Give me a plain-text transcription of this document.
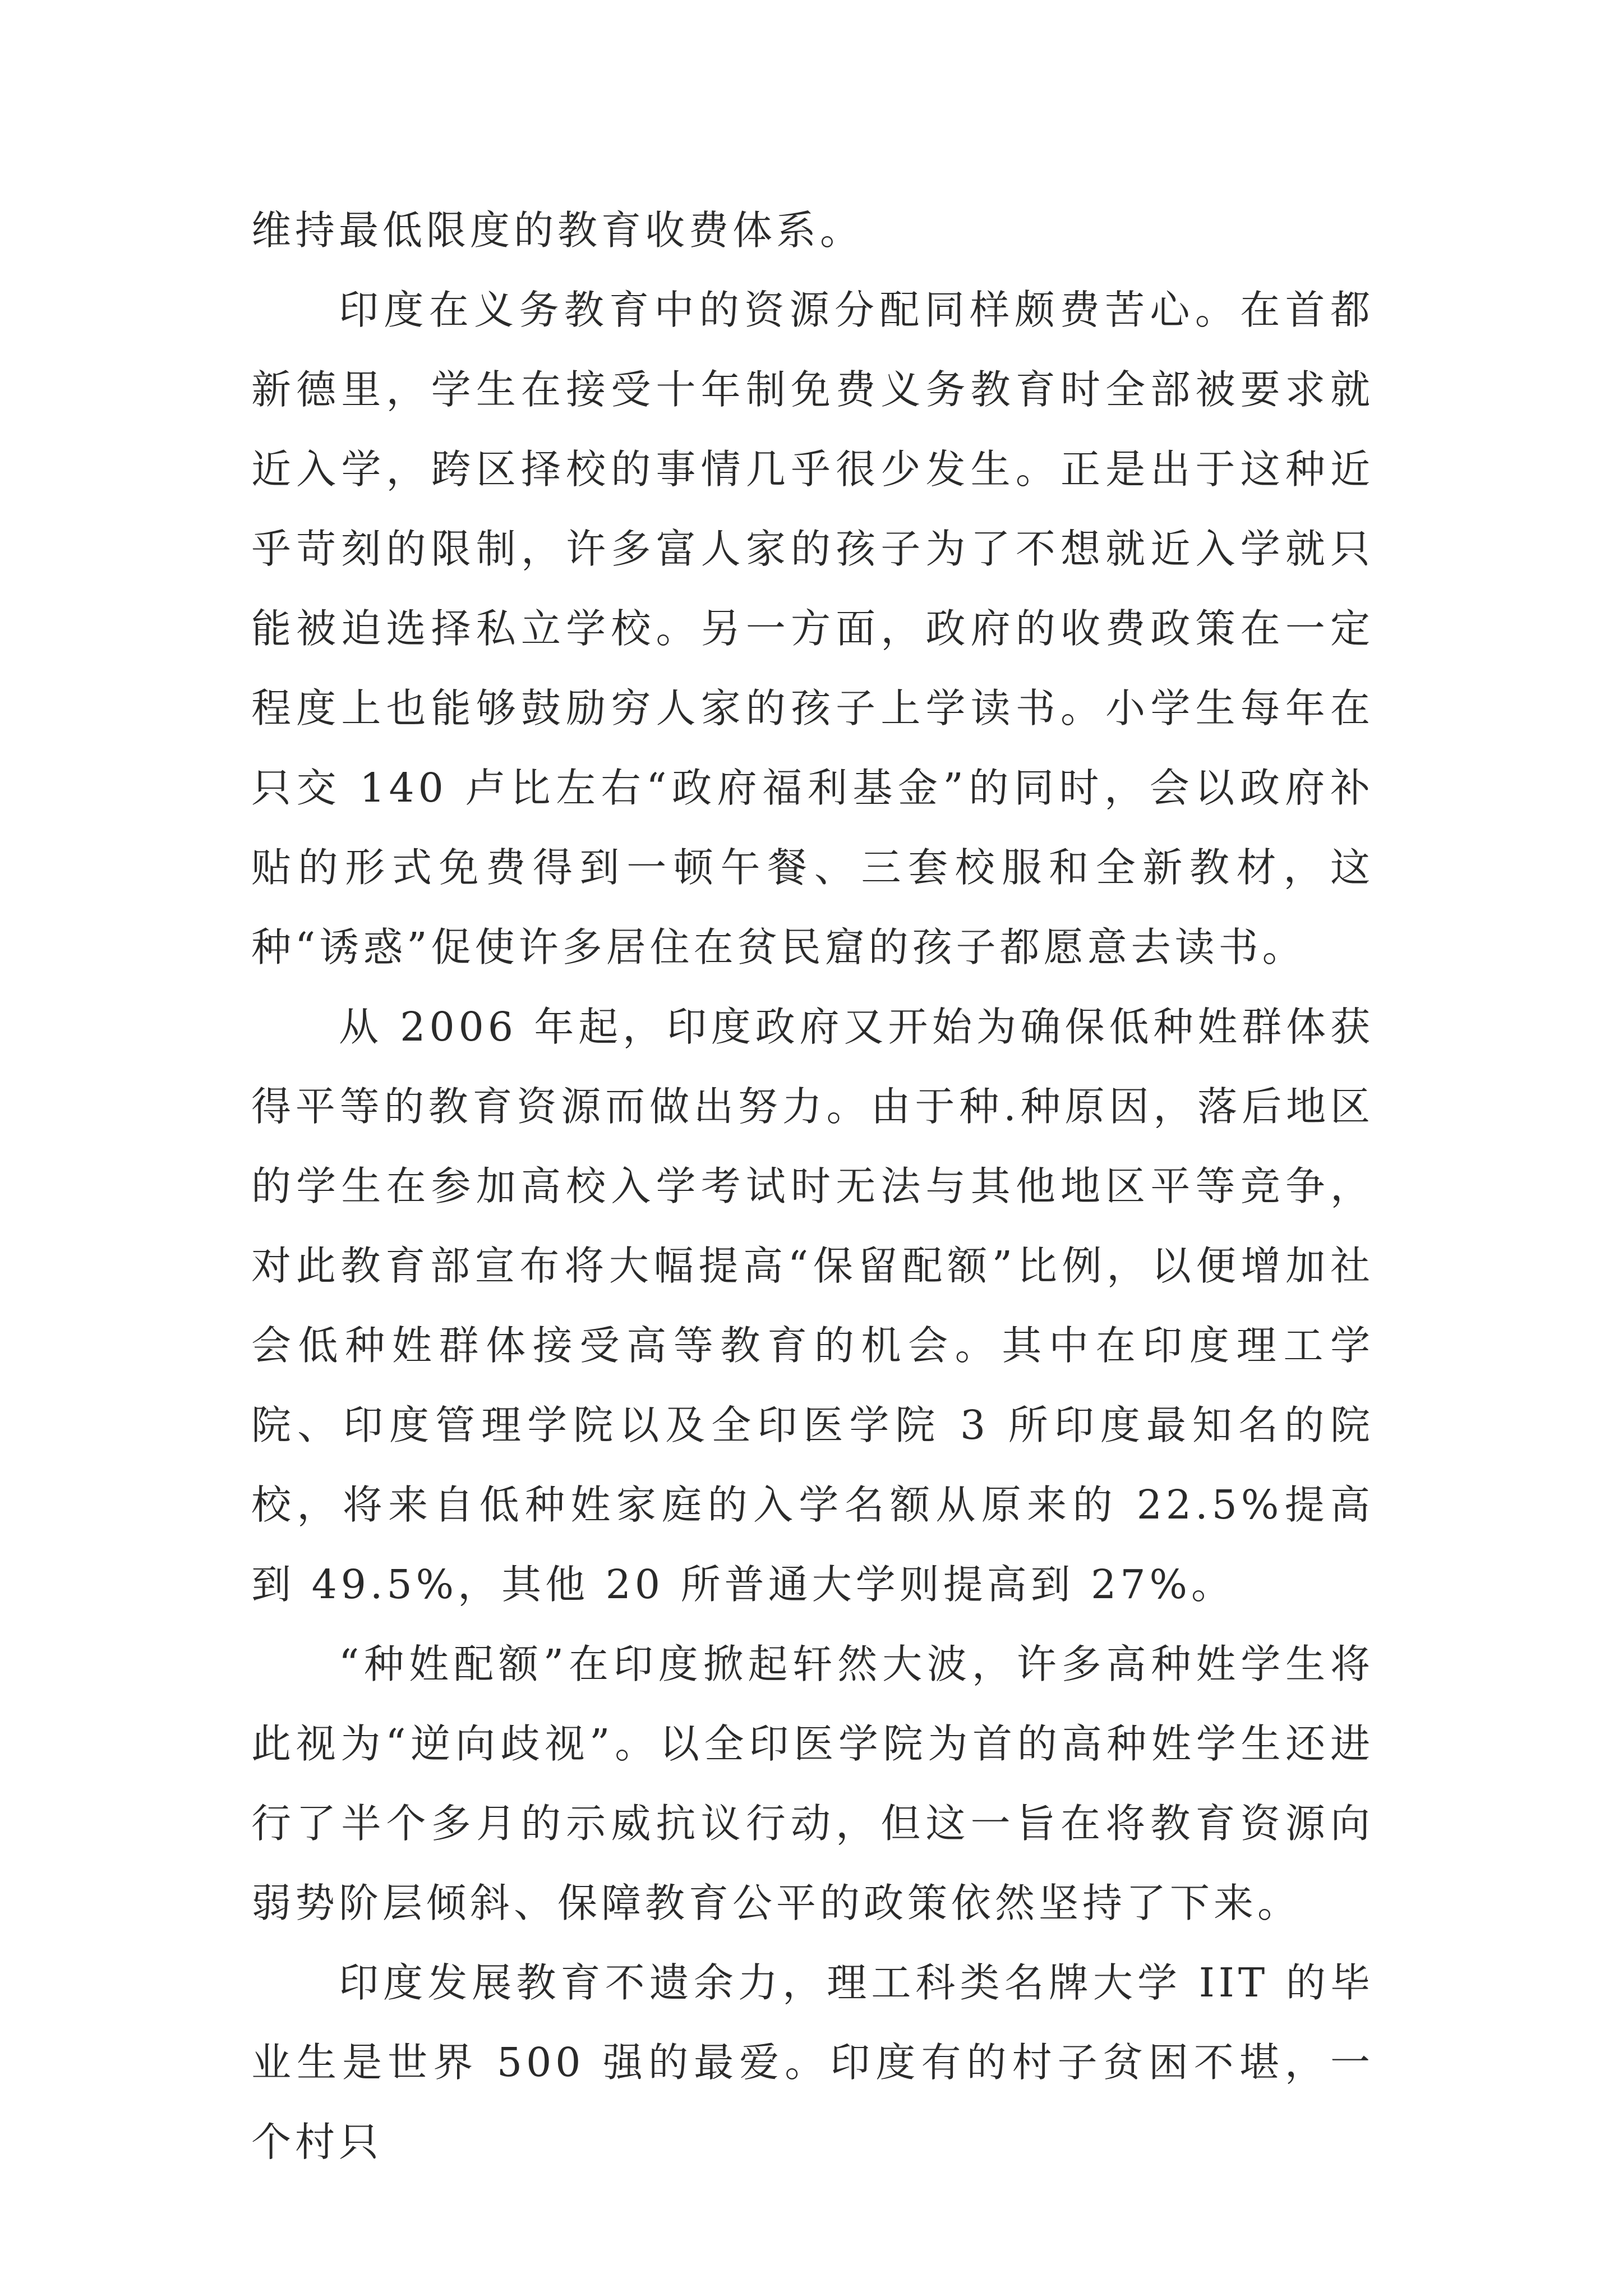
维持最低限度的教育收费体系。

印度在义务教育中的资源分配同样颇费苦心。在首都新德里，学生在接受十年制免费义务教育时全部被要求就近入学，跨区择校的事情几乎很少发生。正是出于这种近乎苛刻的限制，许多富人家的孩子为了不想就近入学就只能被迫选择私立学校。另一方面，政府的收费政策在一定程度上也能够鼓励穷人家的孩子上学读书。小学生每年在只交 140 卢比左右“政府福利基金”的同时，会以政府补贴的形式免费得到一顿午餐、三套校服和全新教材，这种“诱惑”促使许多居住在贫民窟的孩子都愿意去读书。

从 2006 年起，印度政府又开始为确保低种姓群体获得平等的教育资源而做出努力。由于种.种原因，落后地区的学生在参加高校入学考试时无法与其他地区平等竞争，对此教育部宣布将大幅提高“保留配额”比例，以便增加社会低种姓群体接受高等教育的机会。其中在印度理工学院、印度管理学院以及全印医学院 3 所印度最知名的院校，将来自低种姓家庭的入学名额从原来的 22.5%提高到 49.5%，其他 20 所普通大学则提高到 27%。

“种姓配额”在印度掀起轩然大波，许多高种姓学生将此视为“逆向歧视”。以全印医学院为首的高种姓学生还进行了半个多月的示威抗议行动，但这一旨在将教育资源向弱势阶层倾斜、保障教育公平的政策依然坚持了下来。

印度发展教育不遗余力，理工科类名牌大学 IIT 的毕业生是世界 500 强的最爱。印度有的村子贫困不堪，一个村只
